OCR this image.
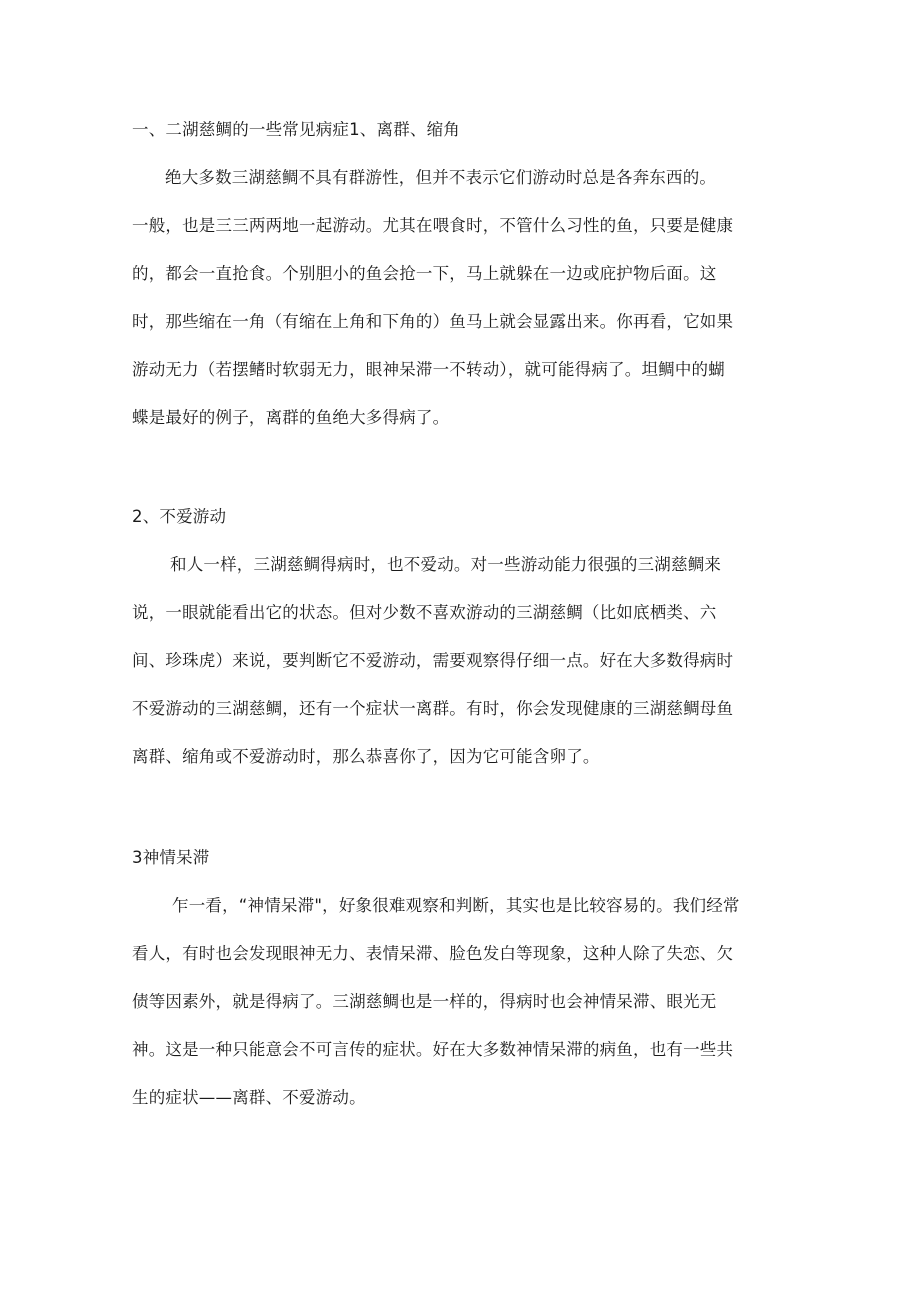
一、二湖慈鲷的一些常见病症1、离群、缩角
绝大多数三湖慈鲷不具有群游性，但并不表示它们游动时总是各奔东西的。
一般，也是三三两两地一起游动。尤其在喂食时，不管什么习性的鱼，只要是健康
的，都会一直抢食。个别胆小的鱼会抢一下，马上就躲在一边或庇护物后面。这
时，那些缩在一角（有缩在上角和下角的）鱼马上就会显露出来。你再看，它如果
游动无力（若摆鳍时软弱无力，眼神呆滞一不转动），就可能得病了。坦鲷中的蝴
蝶是最好的例子，离群的鱼绝大多得病了。
2、不爱游动
和人一样，三湖慈鲷得病时，也不爱动。对一些游动能力很强的三湖慈鲷来
说，一眼就能看出它的状态。但对少数不喜欢游动的三湖慈鲷（比如底栖类、六
间、珍珠虎）来说，要判断它不爱游动，需要观察得仔细一点。好在大多数得病时
不爱游动的三湖慈鲷，还有一个症状一离群。有时，你会发现健康的三湖慈鲷母鱼
离群、缩角或不爱游动时，那么恭喜你了，因为它可能含卵了。
3神情呆滞
乍一看，“神情呆滞"，好象很难观察和判断，其实也是比较容易的。我们经常
看人，有时也会发现眼神无力、表情呆滞、脸色发白等现象，这种人除了失恋、欠
债等因素外，就是得病了。三湖慈鲷也是一样的，得病时也会神情呆滞、眼光无
神。这是一种只能意会不可言传的症状。好在大多数神情呆滞的病鱼，也有一些共
生的症状——离群、不爱游动。
